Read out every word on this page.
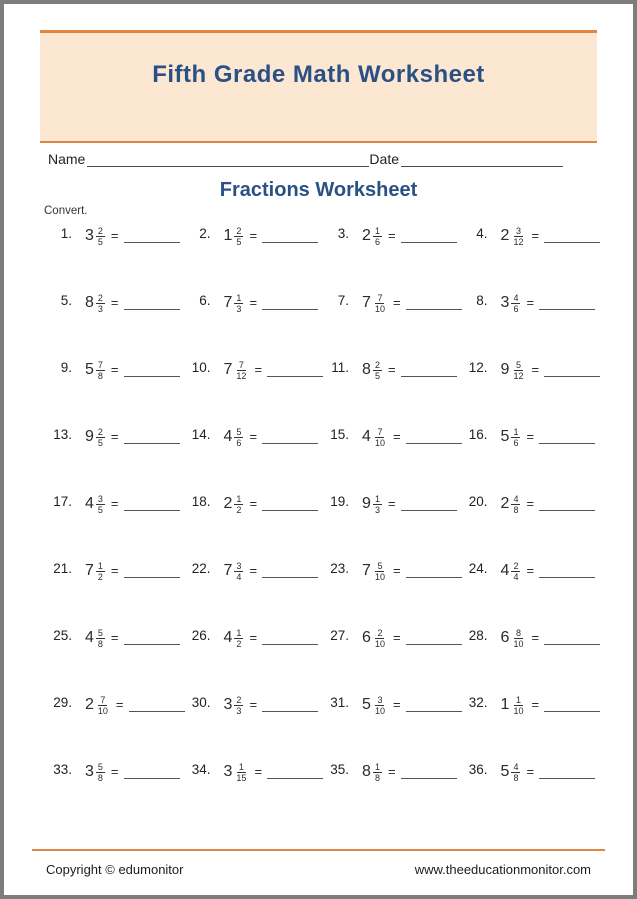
Fifth Grade Math Worksheet
Name	Date
Fractions Worksheet
Convert.
1. $3 \frac{2}{5}$ =	2. $1 \frac{2}{5}$ =	3. $2 \frac{1}{6}$ =	4. $2 \frac{3}{12}$ =
5. $8 \frac{2}{3}$ =	6. $7 \frac{1}{3}$ =	7. $7 \frac{7}{10}$ =	8. $3 \frac{4}{6}$ =
9. $5 \frac{7}{8}$ =	10. $7 \frac{7}{12}$ =	11. $8 \frac{2}{5}$ =	12. $9 \frac{5}{12}$ =
13. $9 \frac{2}{5}$ =	14. $4 \frac{5}{6}$ =	15. $4 \frac{7}{10}$ =	16. $5 \frac{1}{6}$ =
17. $4 \frac{3}{5}$ =	18. $2 \frac{1}{2}$ =	19. $9 \frac{1}{3}$ =	20. $2 \frac{4}{8}$ =
21. $7 \frac{1}{2}$ =	22. $7 \frac{3}{4}$ =	23. $7 \frac{5}{10}$ =	24. $4 \frac{2}{4}$ =
25. $4 \frac{5}{8}$ =	26. $4 \frac{1}{2}$ =	27. $6 \frac{2}{10}$ =	28. $6 \frac{8}{10}$ =
29. $2 \frac{7}{10}$ =	30. $3 \frac{2}{3}$ =	31. $5 \frac{3}{10}$ =	32. $1 \frac{1}{10}$ =
33. $3 \frac{5}{8}$ =	34. $3 \frac{1}{15}$ =	35. $8 \frac{1}{8}$ =	36. $5 \frac{4}{8}$ =
Copyright © edumonitor	www.theeducationmonitor.com
